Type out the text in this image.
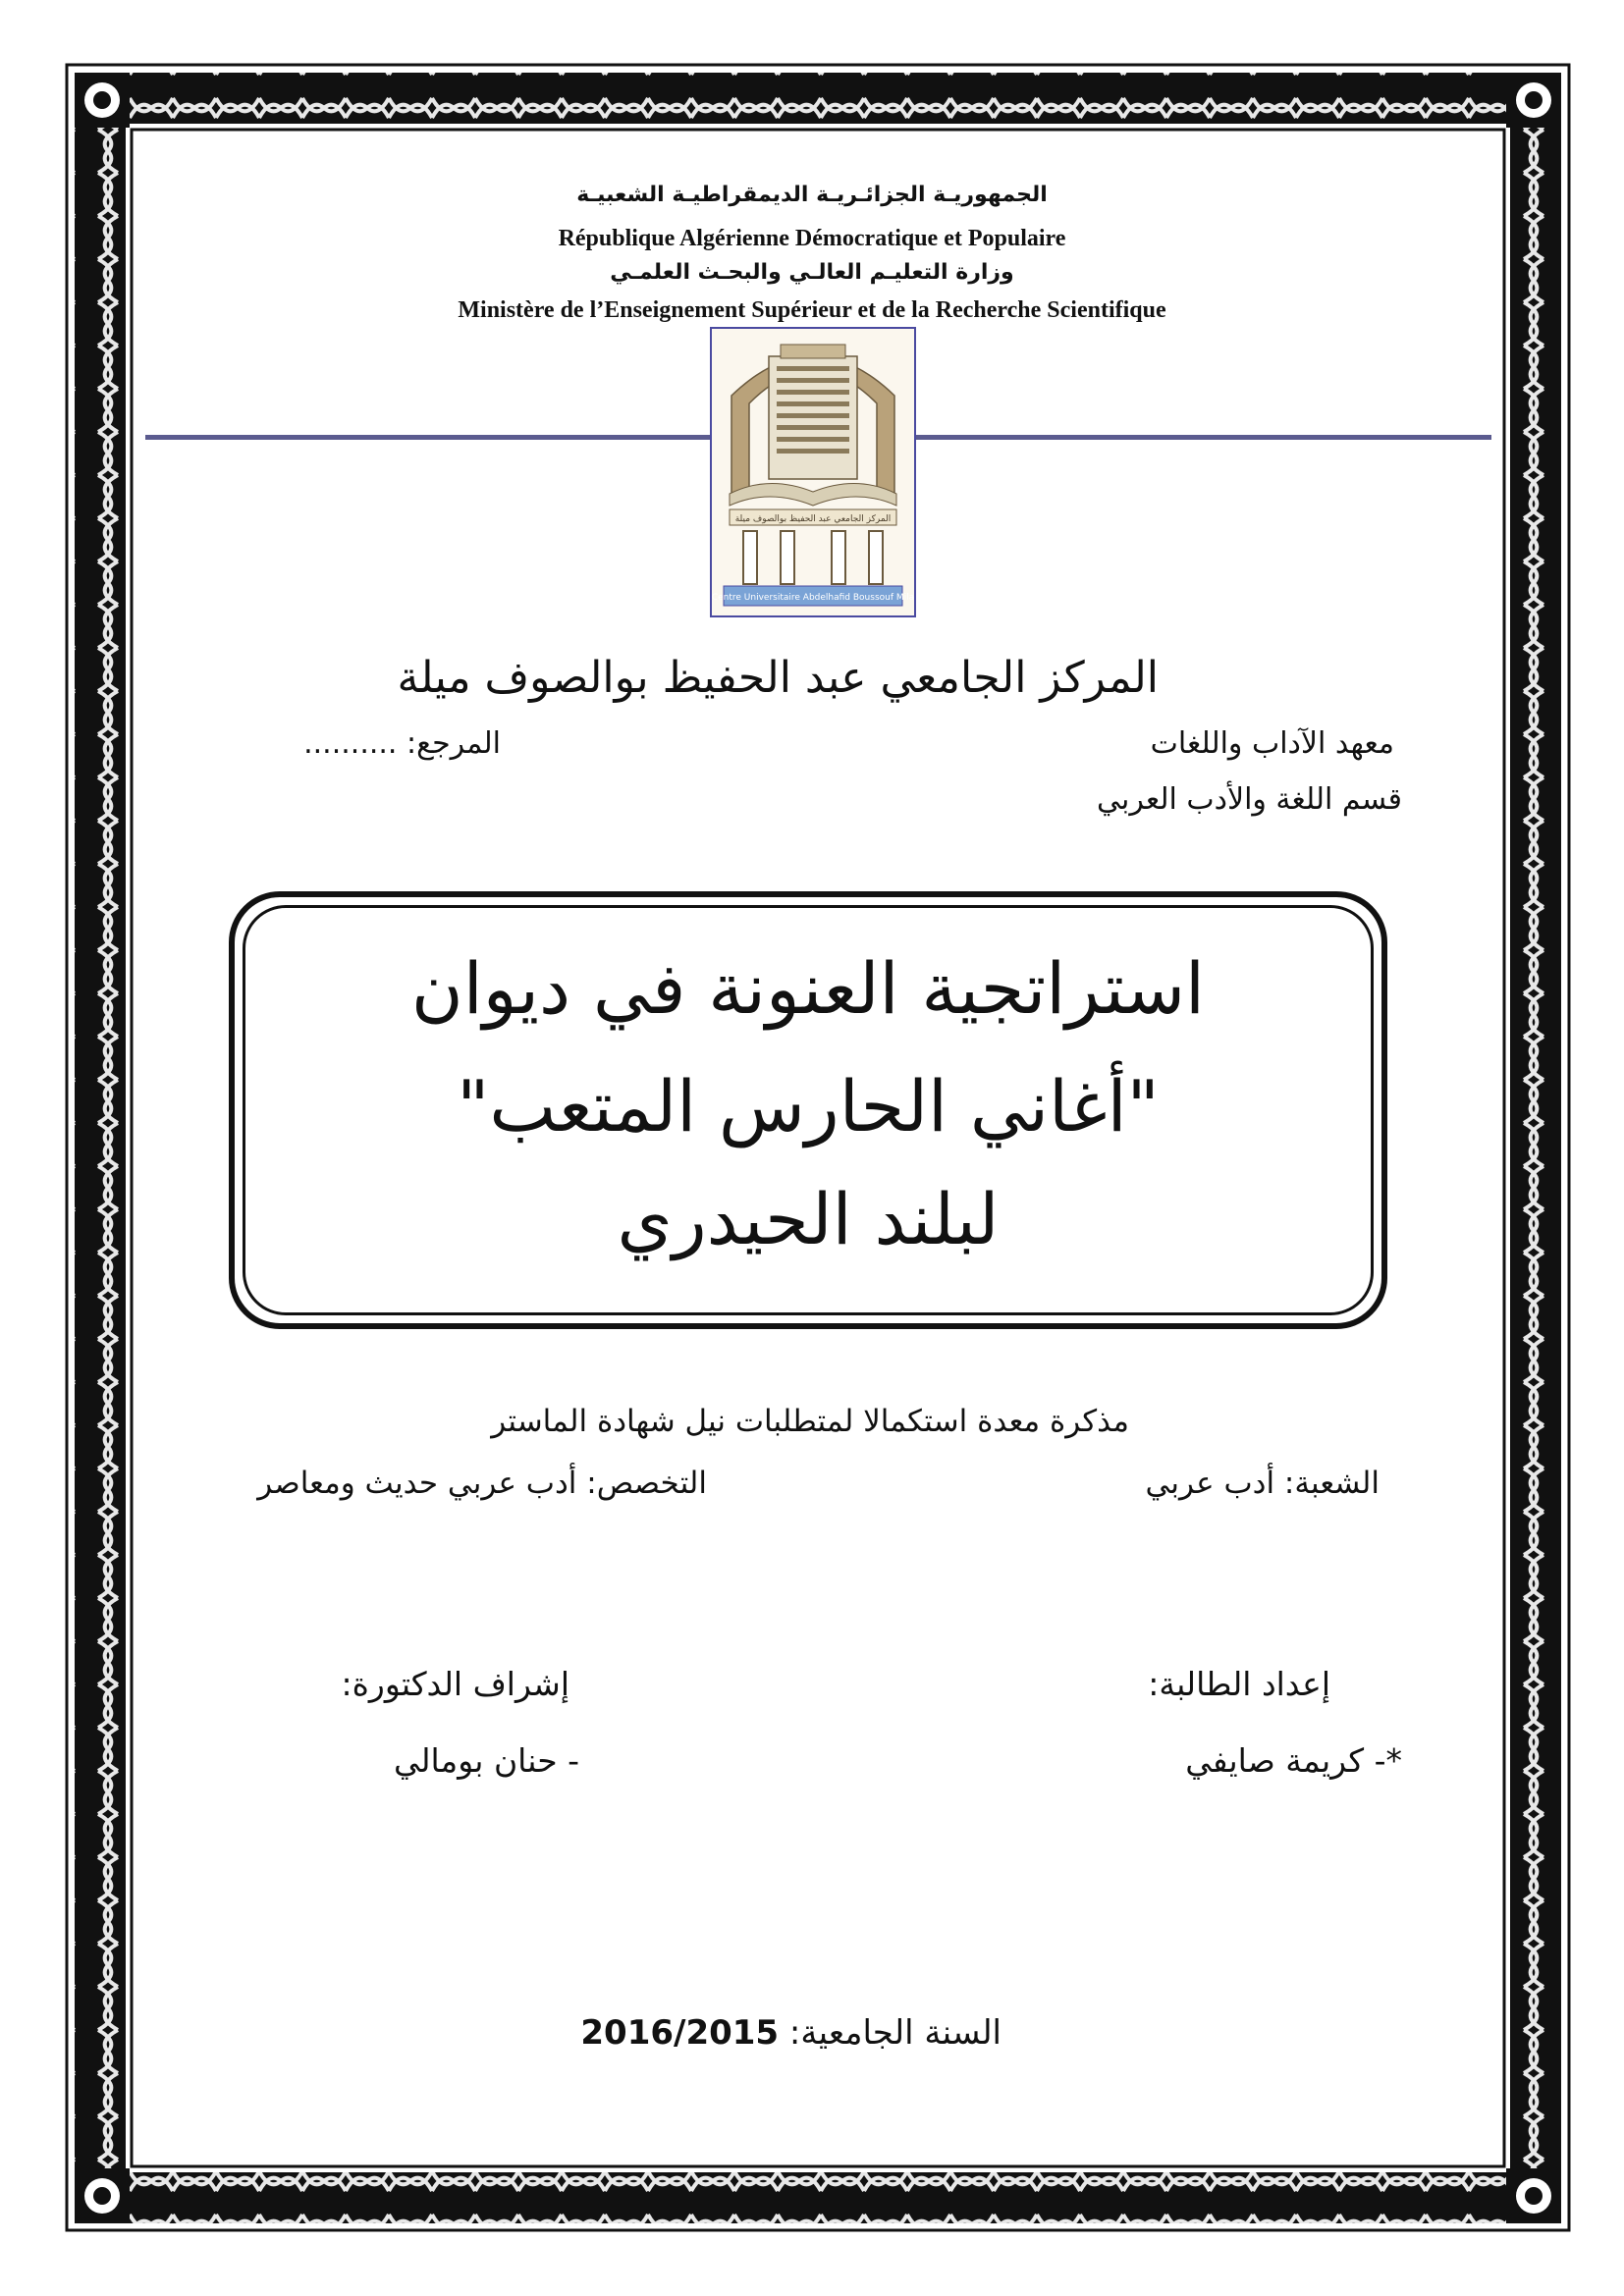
الجمهوريـة الجزائـريـة الديمقراطيـة الشعبيـة
République Algérienne Démocratique et Populaire
وزارة التعليـم العالـي والبحـث العلمـي
Ministère de l’Enseignement Supérieur et de la Recherche Scientifique
المركز الجامعي عبد الحفيظ بوالصوف ميلة
Centre Universitaire Abdelhafid Boussouf Mila
المركز الجامعي عبد الحفيظ بوالصوف ميلة
معهد الآداب واللغات
المرجع: ..........
قسم اللغة والأدب العربي
استراتجية العنونة في ديوان
"أغاني الحارس المتعب"
لبلند الحيدري
مذكرة معدة استكمالا لمتطلبات نيل شهادة الماستر
الشعبة: أدب عربي
التخصص: أدب عربي حديث ومعاصر
إعداد الطالبة:
إشراف الدكتورة:
*- كريمة صايفي
- حنان بومالي
السنة الجامعية: 2016/2015
